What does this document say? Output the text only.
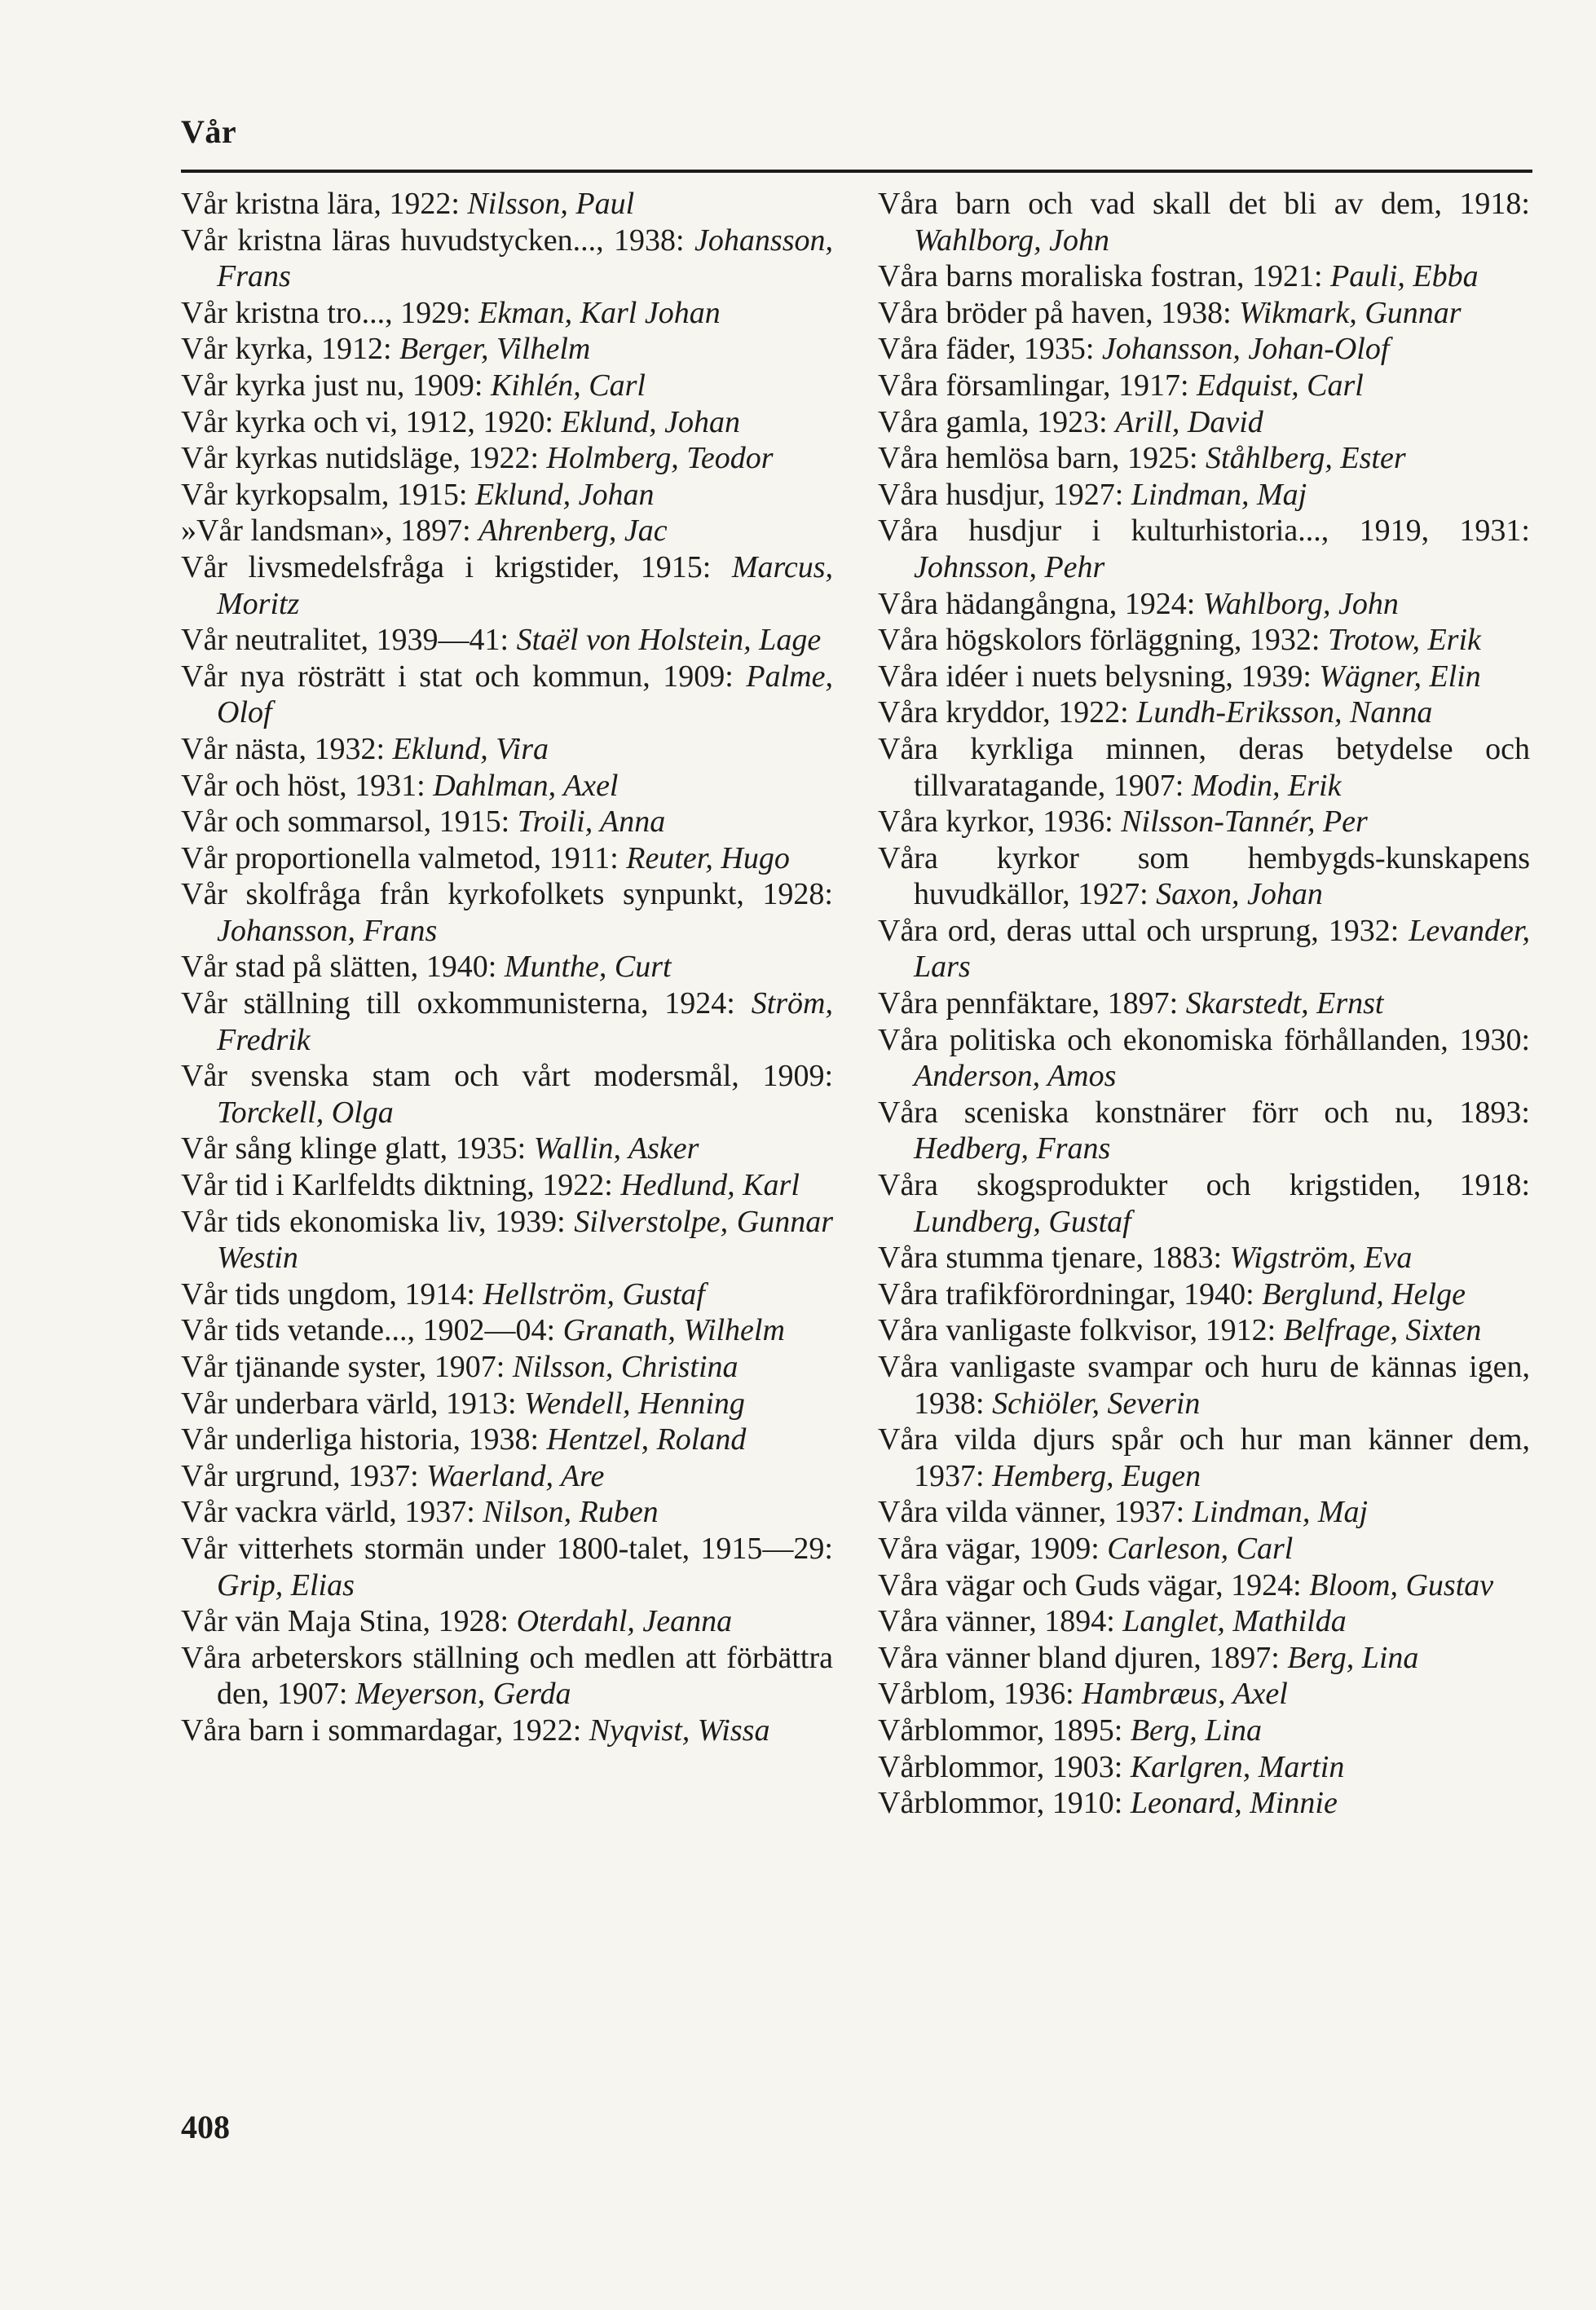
Vår
Vår kristna lära, 1922: Nilsson, Paul
Vår kristna läras huvudstycken..., 1938: Johansson, Frans
Vår kristna tro..., 1929: Ekman, Karl Johan
Vår kyrka, 1912: Berger, Vilhelm
Vår kyrka just nu, 1909: Kihlén, Carl
Vår kyrka och vi, 1912, 1920: Eklund, Johan
Vår kyrkas nutidsläge, 1922: Holmberg, Teodor
Vår kyrkopsalm, 1915: Eklund, Johan
»Vår landsman», 1897: Ahrenberg, Jac
Vår livsmedelsfråga i krigstider, 1915: Marcus, Moritz
Vår neutralitet, 1939—41: Staël von Holstein, Lage
Vår nya rösträtt i stat och kommun, 1909: Palme, Olof
Vår nästa, 1932: Eklund, Vira
Vår och höst, 1931: Dahlman, Axel
Vår och sommarsol, 1915: Troili, Anna
Vår proportionella valmetod, 1911: Reuter, Hugo
Vår skolfråga från kyrkofolkets synpunkt, 1928: Johansson, Frans
Vår stad på slätten, 1940: Munthe, Curt
Vår ställning till oxkommunisterna, 1924: Ström, Fredrik
Vår svenska stam och vårt modersmål, 1909: Torckell, Olga
Vår sång klinge glatt, 1935: Wallin, Asker
Vår tid i Karlfeldts diktning, 1922: Hedlund, Karl
Vår tids ekonomiska liv, 1939: Silverstolpe, Gunnar Westin
Vår tids ungdom, 1914: Hellström, Gustaf
Vår tids vetande..., 1902—04: Granath, Wilhelm
Vår tjänande syster, 1907: Nilsson, Christina
Vår underbara värld, 1913: Wendell, Henning
Vår underliga historia, 1938: Hentzel, Roland
Vår urgrund, 1937: Waerland, Are
Vår vackra värld, 1937: Nilson, Ruben
Vår vitterhets stormän under 1800-talet, 1915—29: Grip, Elias
Vår vän Maja Stina, 1928: Oterdahl, Jeanna
Våra arbeterskors ställning och medlen att förbättra den, 1907: Meyerson, Gerda
Våra barn i sommardagar, 1922: Nyqvist, Wissa
Våra barn och vad skall det bli av dem, 1918: Wahlborg, John
Våra barns moraliska fostran, 1921: Pauli, Ebba
Våra bröder på haven, 1938: Wikmark, Gunnar
Våra fäder, 1935: Johansson, Johan-Olof
Våra församlingar, 1917: Edquist, Carl
Våra gamla, 1923: Arill, David
Våra hemlösa barn, 1925: Ståhlberg, Ester
Våra husdjur, 1927: Lindman, Maj
Våra husdjur i kulturhistoria..., 1919, 1931: Johnsson, Pehr
Våra hädangångna, 1924: Wahlborg, John
Våra högskolors förläggning, 1932: Trotow, Erik
Våra idéer i nuets belysning, 1939: Wägner, Elin
Våra kryddor, 1922: Lundh-Eriksson, Nanna
Våra kyrkliga minnen, deras betydelse och tillvaratagande, 1907: Modin, Erik
Våra kyrkor, 1936: Nilsson-Tannér, Per
Våra kyrkor som hembygds-kunskapens huvudkällor, 1927: Saxon, Johan
Våra ord, deras uttal och ursprung, 1932: Levander, Lars
Våra pennfäktare, 1897: Skarstedt, Ernst
Våra politiska och ekonomiska förhållanden, 1930: Anderson, Amos
Våra sceniska konstnärer förr och nu, 1893: Hedberg, Frans
Våra skogsprodukter och krigstiden, 1918: Lundberg, Gustaf
Våra stumma tjenare, 1883: Wigström, Eva
Våra trafikförordningar, 1940: Berglund, Helge
Våra vanligaste folkvisor, 1912: Belfrage, Sixten
Våra vanligaste svampar och huru de kännas igen, 1938: Schiöler, Severin
Våra vilda djurs spår och hur man känner dem, 1937: Hemberg, Eugen
Våra vilda vänner, 1937: Lindman, Maj
Våra vägar, 1909: Carleson, Carl
Våra vägar och Guds vägar, 1924: Bloom, Gustav
Våra vänner, 1894: Langlet, Mathilda
Våra vänner bland djuren, 1897: Berg, Lina
Vårblom, 1936: Hambræus, Axel
Vårblommor, 1895: Berg, Lina
Vårblommor, 1903: Karlgren, Martin
Vårblommor, 1910: Leonard, Minnie
408
